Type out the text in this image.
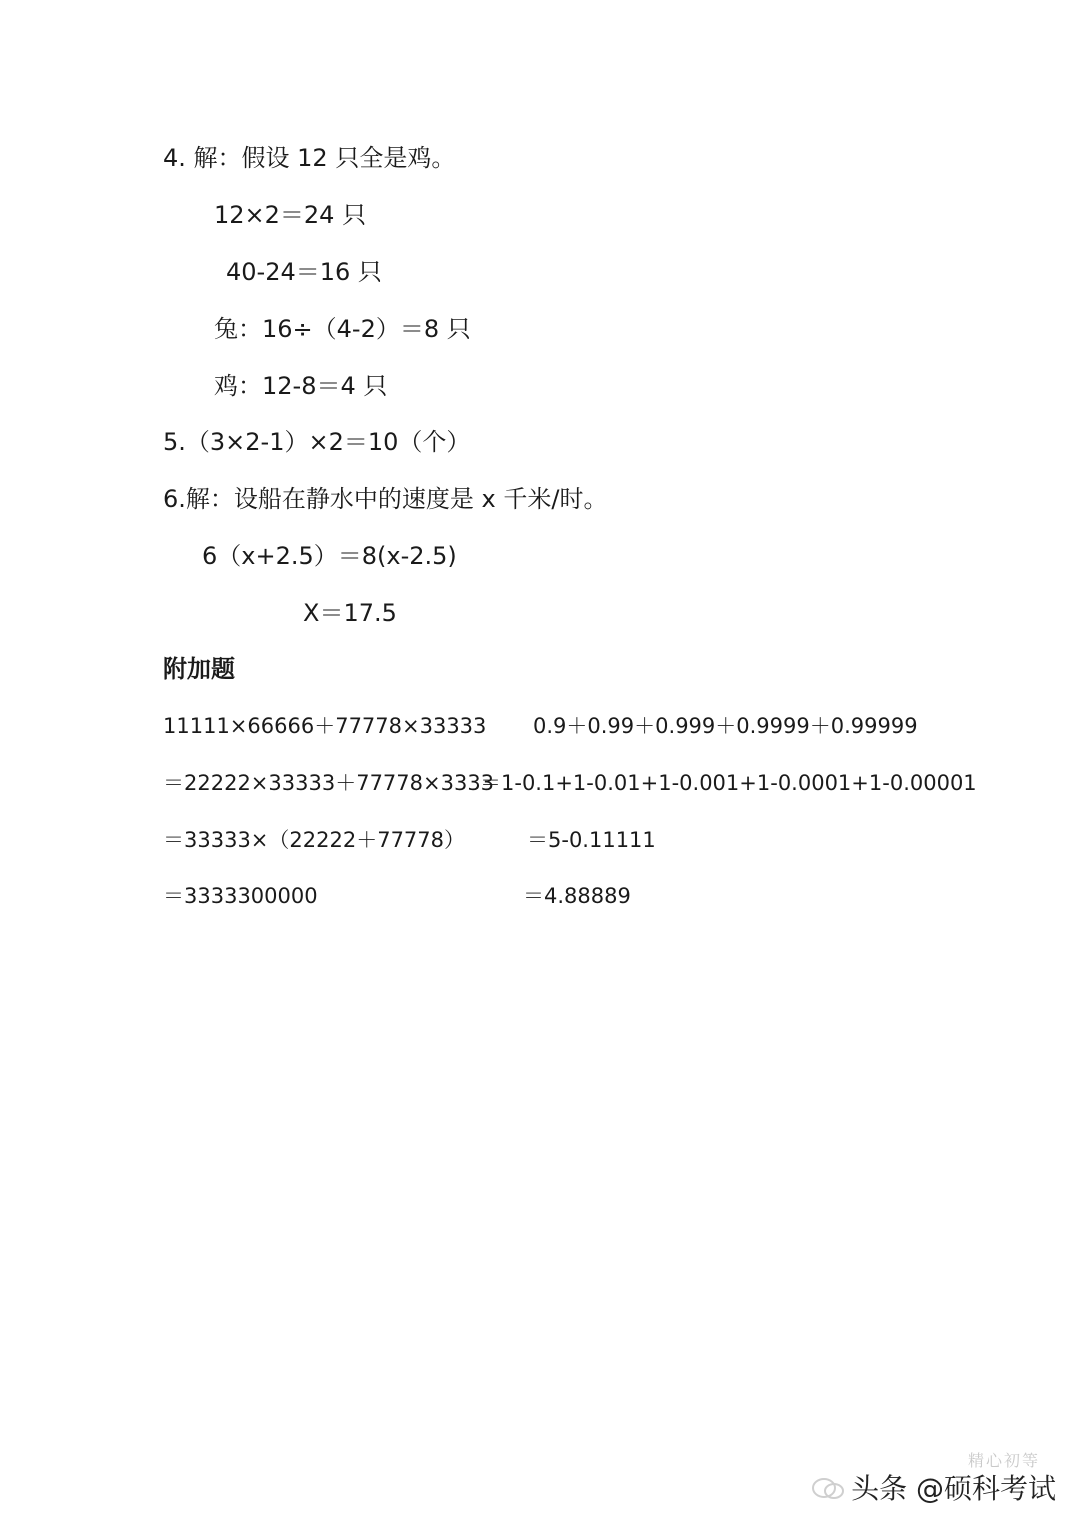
4. 解：假设 12 只全是鸡。
12×2＝24 只
40-24＝16 只
兔：16÷（4-2）＝8 只
鸡：12-8＝4 只
5.（3×2-1）×2＝10（个）
6.解：设船在静水中的速度是 x 千米/时。
6（x+2.5）＝8(x-2.5)
X＝17.5
附加题
11111×66666＋77778×33333
＝22222×33333＋77778×3333
＝33333×（22222＋77778）
＝3333300000
0.9＋0.99＋0.999＋0.9999＋0.99999
＝1-0.1+1-0.01+1-0.001+1-0.0001+1-0.00001
＝5-0.11111
＝4.88889
精心初等
头条 @硕科考试
